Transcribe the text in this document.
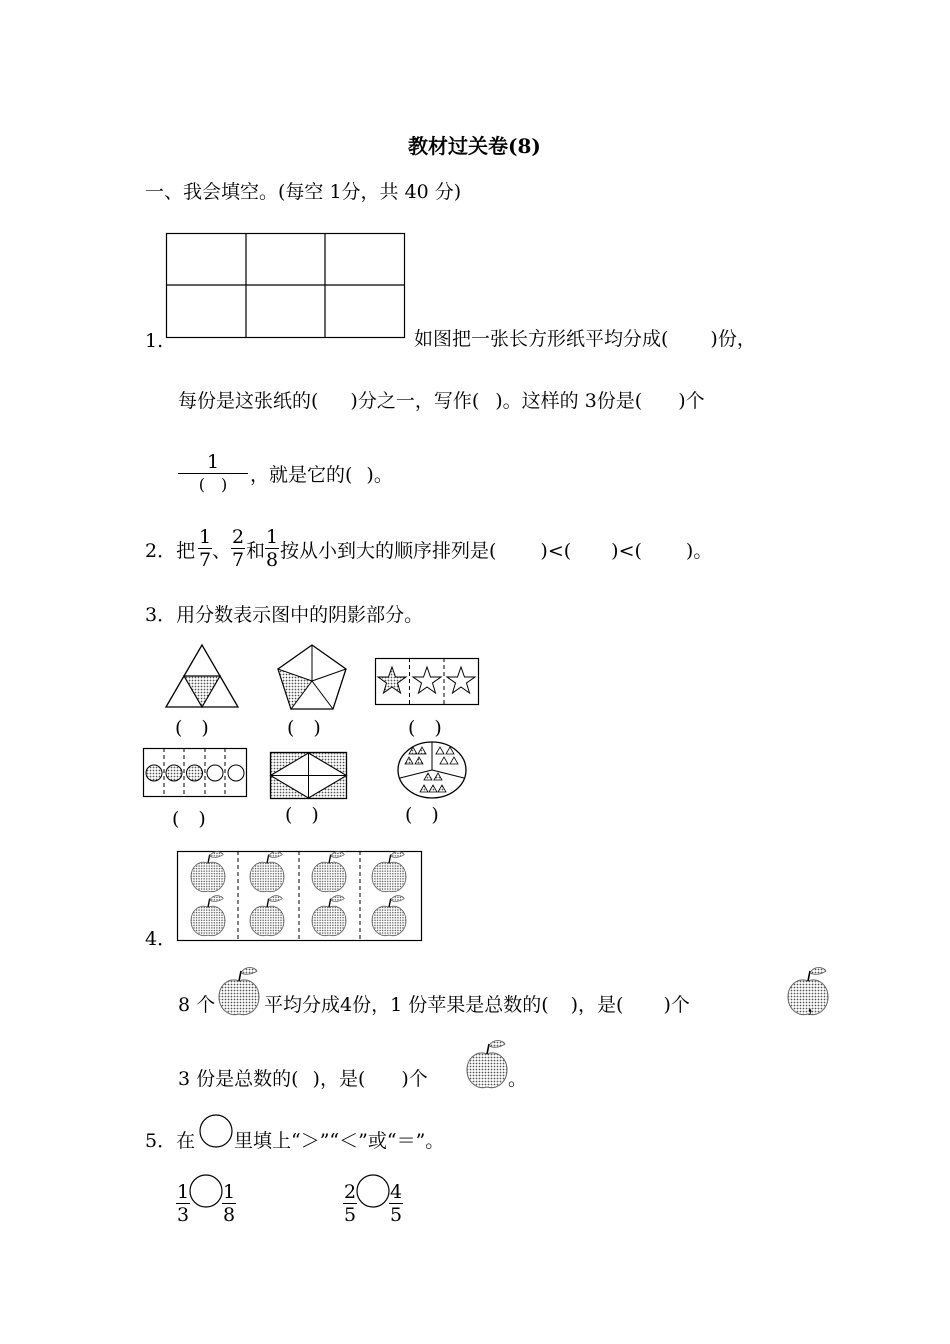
教材过关卷(8)
一、我会填空。(每空 1分，共 40 分)
1.	如图把一张长方形纸平均分成( )份，
每份是这张纸的( )分之一，写作( )。这样的 3份是( )个
1
(　)	，就是它的( )。
2．把 $\frac{1}{7}$ 、 $\frac{2}{7}$ 和 $\frac{1}{8}$ 按从小到大的顺序排列是( )<( )<( )。
3．用分数表示图中的阴影部分。
(　)	(　)	(　)
(　)	(　)	(　)
4．
8 个	平均分成4份，1 份苹果是总数的( )，是( )个	，
3 份是总数的( )，是( )个	。
5．在 里填上“＞”“＜”或“＝”。
$\frac{1}{3} \frac{1}{8}$	$\frac{2}{5} \frac{4}{5}$
